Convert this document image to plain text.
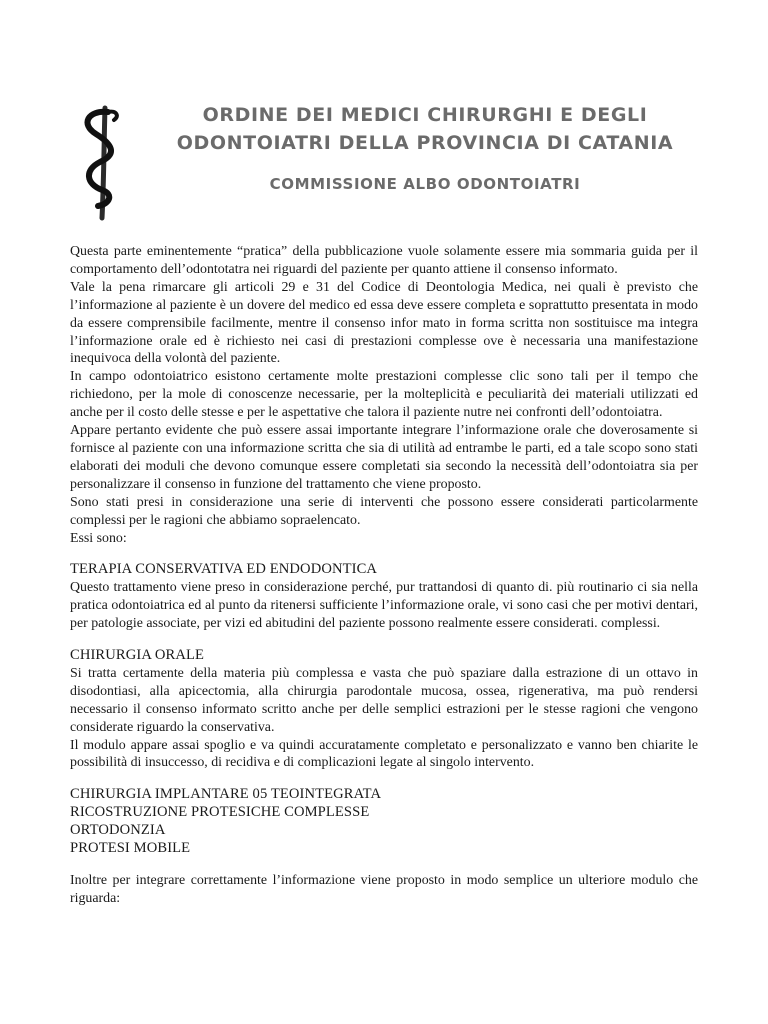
ORDINE DEI MEDICI CHIRURGHI E DEGLI
ODONTOIATRI DELLA PROVINCIA DI CATANIA
COMMISSIONE ALBO ODONTOIATRI

Questa parte eminentemente “pratica” della pubblicazione vuole solamente essere mia sommaria guida per il comportamento dell’odontotatra nei riguardi del paziente per quanto attiene il consenso informato.

Vale la pena rimarcare gli articoli 29 e 31 del Codice di Deontologia Medica, nei quali è previsto che l’informazione al paziente è un dovere del medico ed essa deve essere completa e soprattutto presentata in modo da essere comprensibile facilmente, mentre il consenso infor mato in forma scritta non sostituisce ma integra l’informazione orale ed è richiesto nei casi di prestazioni complesse ove è necessaria una manifestazione inequivoca della volontà del paziente.

In campo odontoiatrico esistono certamente molte prestazioni complesse clic sono tali per il tempo che richiedono, per la mole di conoscenze necessarie, per la molteplicità e peculiarità dei materiali utilizzati ed anche per il costo delle stesse e per le aspettative che talora il paziente nutre nei confronti dell’odontoiatra.

Appare pertanto evidente che può essere assai importante integrare l’informazione orale che doverosamente si fornisce al paziente con una informazione scritta che sia di utilità ad entrambe le parti, ed a tale scopo sono stati elaborati dei moduli che devono comunque essere completati sia secondo la necessità dell’odontoiatra sia per personalizzare il consenso in funzione del trattamento che viene proposto.

Sono stati presi in considerazione una serie di interventi che possono essere considerati particolarmente complessi per le ragioni che abbiamo sopraelencato.

Essi sono:

TERAPIA CONSERVATIVA ED ENDODONTICA

Questo trattamento viene preso in considerazione perché, pur trattandosi di quanto di. più routinario ci sia nella pratica odontoiatrica ed al punto da ritenersi sufficiente l’informazione orale, vi sono casi che per motivi dentari, per patologie associate, per vizi ed abitudini del paziente possono realmente essere considerati. complessi.

CHIRURGIA ORALE

Si tratta certamente della materia più complessa e vasta che può spaziare dalla estrazione di un ottavo in disodontiasi, alla apicectomia, alla chirurgia parodontale mucosa, ossea, rigenerativa, ma può rendersi necessario il consenso informato scritto anche per delle semplici estrazioni per le stesse ragioni che vengono considerate riguardo la conservativa.

Il modulo appare assai spoglio e va quindi accuratamente completato e personalizzato e vanno ben chiarite le possibilità di insuccesso, di recidiva e di complicazioni legate al singolo intervento.

CHIRURGIA IMPLANTARE 05 TEOINTEGRATA

RICOSTRUZIONE PROTESICHE COMPLESSE

ORTODONZIA

PROTESI MOBILE

Inoltre per integrare correttamente l’informazione viene proposto in modo semplice un ulteriore modulo che riguarda:
